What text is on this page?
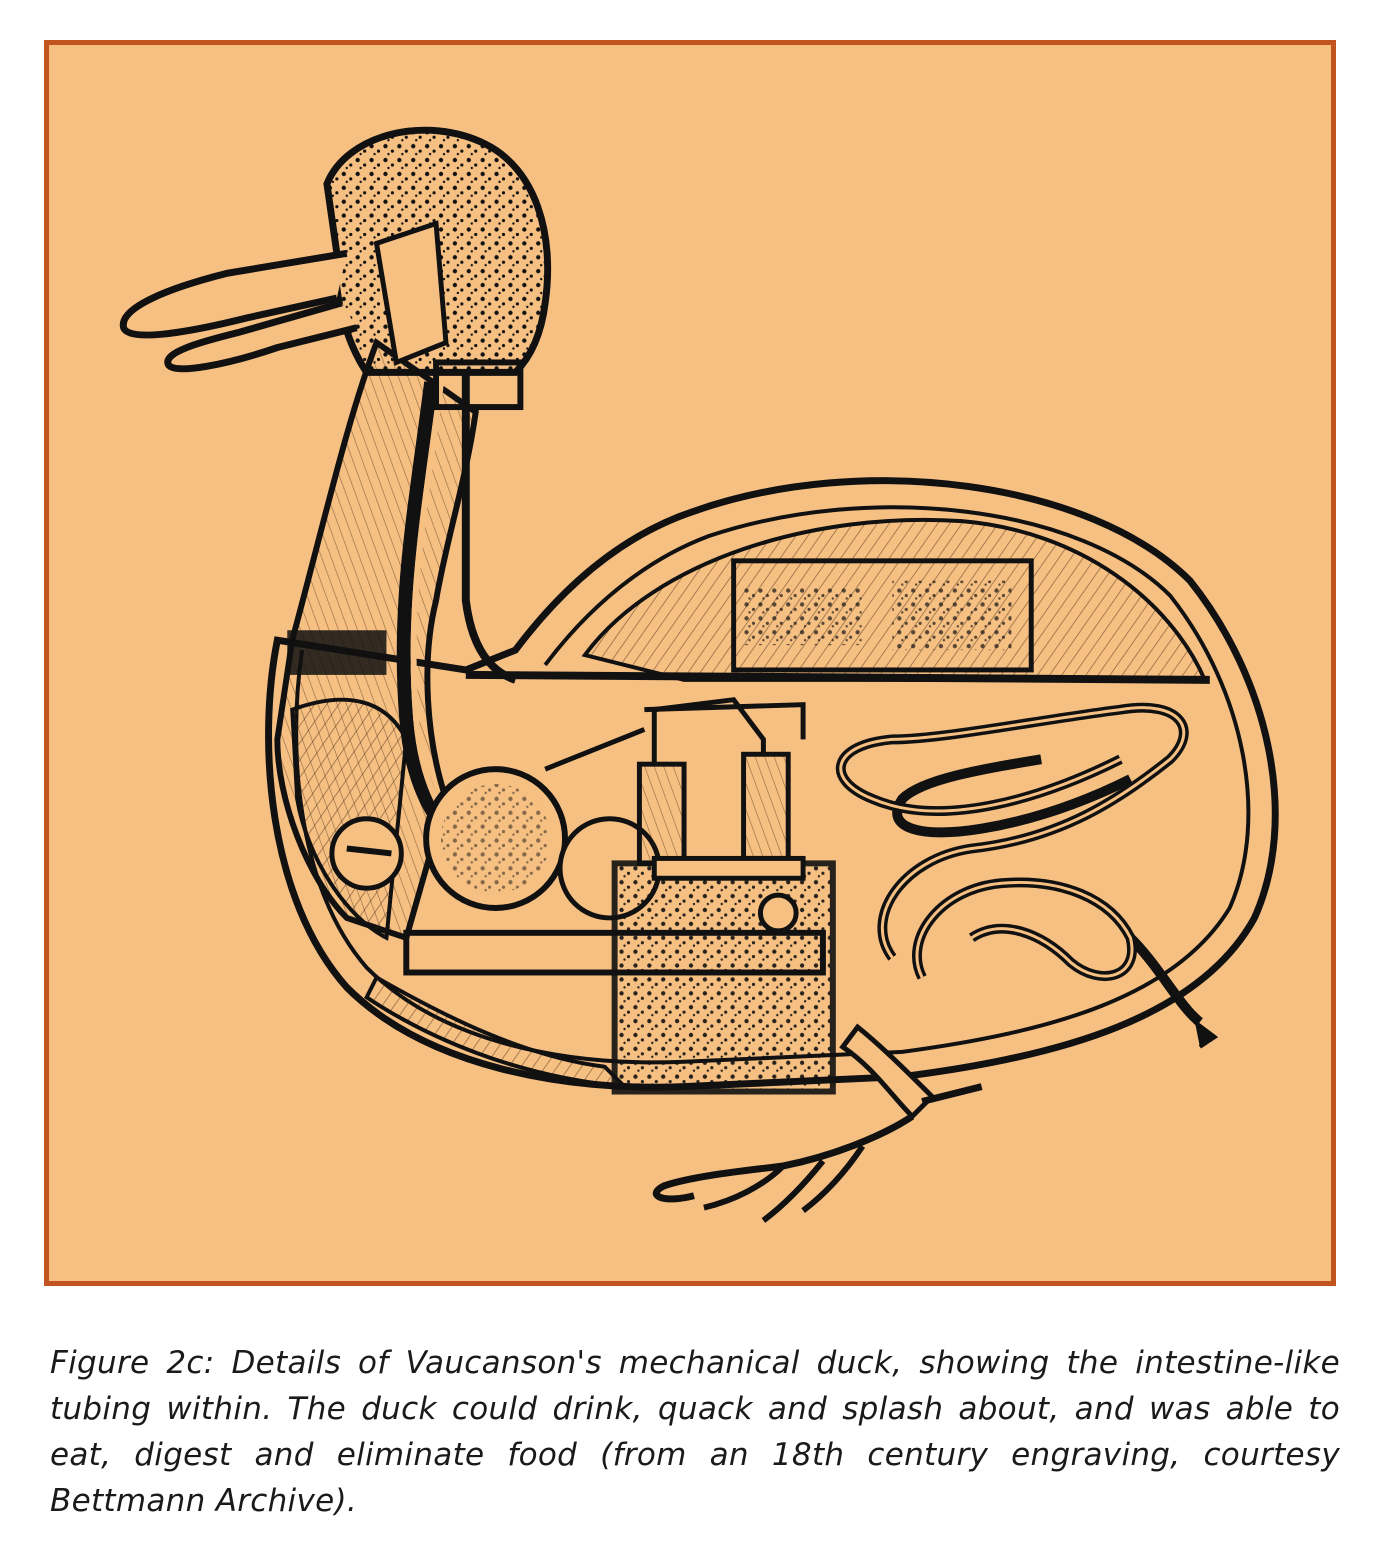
Figure 2c: Details of Vaucanson's mechanical duck, showing the intestine-like tubing within. The duck could drink, quack and splash about, and was able to eat, digest and eliminate food (from an 18th century engraving, courtesy Bettmann Archive).
